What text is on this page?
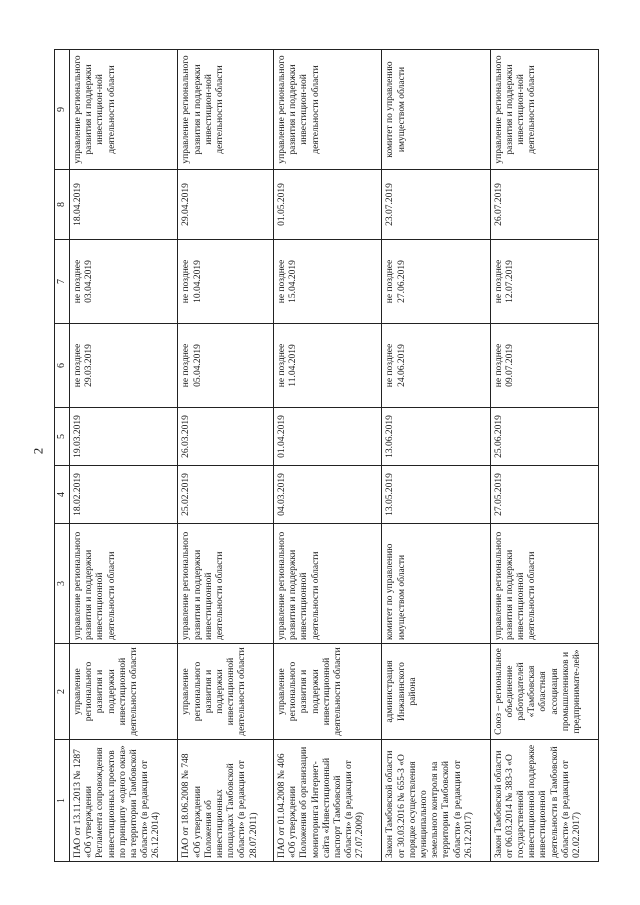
2
1	2	3	4	5	6	7	8	9
ПАО от 13.11.2013 № 1287 «Об утверждении Регламента сопровождения инвестиционных проектов по принципу «одного окна» на территории Тамбовской области» (в редакции от 26.12.2014)	управление регионального развития и поддержки инвестиционной деятельности области	управление регионального развития и поддержки инвестиционной деятельности области	18.02.2019	19.03.2019	не позднее 29.03.2019	не позднее 03.04.2019	18.04.2019	управление регионального развития и поддержки инвестицион-ной деятельности области
ПАО от 18.06.2008 № 748 «Об утверждении Положения об инвестиционных площадках Тамбовской области» (в редакции от 28.07.2011)	управление регионального развития и поддержки инвестиционной деятельности области	управление регионального развития и поддержки инвестиционной деятельности области	25.02.2019	26.03.2019	не позднее 05.04.2019	не позднее 10.04.2019	29.04.2019	управление регионального развития и поддержки инвестицион-ной деятельности области
ПАО от 01.04.2008 № 406 «Об утверждении Положения об организации мониторинга Интернет-сайта «Инвестиционный паспорт Тамбовской области» (в редакции от 27.07.2009)	управление регионального развития и поддержки инвестиционной деятельности области	управление регионального развития и поддержки инвестиционной деятельности области	04.03.2019	01.04.2019	не позднее 11.04.2019	не позднее 15.04.2019	01.05.2019	управление регионального развития и поддержки инвестицион-ной деятельности области
Закон Тамбовской области от 30.03.2016 № 655-З «О порядке осуществления муниципального земельного контроля на территории Тамбовской области» (в редакции от 26.12.2017)	администрация Инжавинского района	комитет по управлению имуществом области	13.05.2019	13.06.2019	не позднее 24.06.2019	не позднее 27.06.2019	23.07.2019	комитет по управлению имуществом области
Закон Тамбовской области от 06.03.2014 № 383-З «О государственной инвестиционной поддержке инвестиционной деятельности в Тамбовской области» (в редакции от 02.02.2017)	Союз – региональное объединение работодателей «Тамбовская областная ассоциация промышленников и предпринимате-лей»	управление регионального развития и поддержки инвестиционной деятельности области	27.05.2019	25.06.2019	не позднее 09.07.2019	не позднее 12.07.2019	26.07.2019	управление регионального развития и поддержки инвестицион-ной деятельности области
